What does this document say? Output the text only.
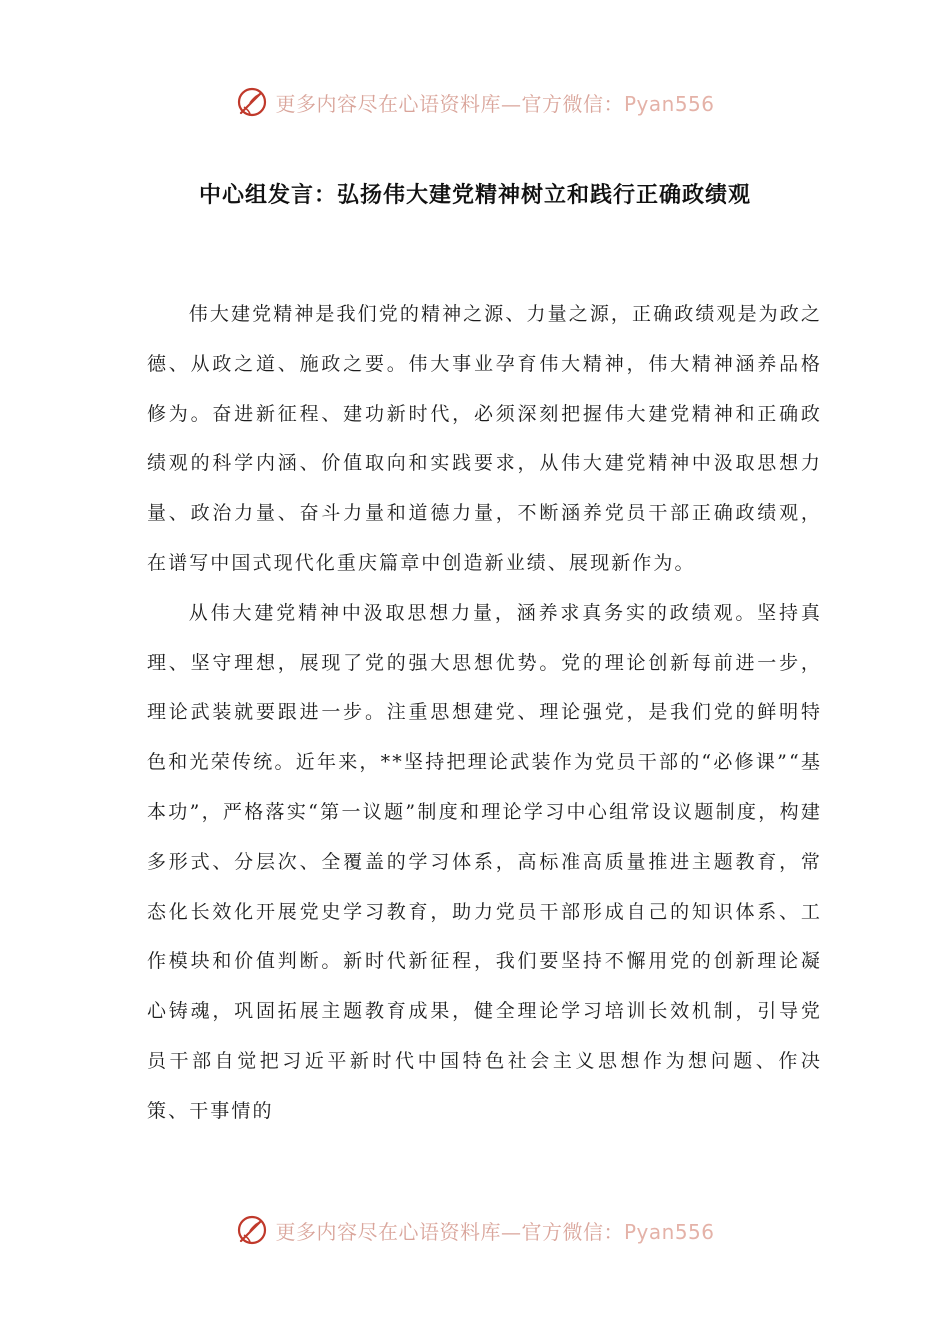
更多内容尽在心语资料库—官方微信：Pyan556
中心组发言：弘扬伟大建党精神树立和践行正确政绩观

伟大建党精神是我们党的精神之源、力量之源，正确政绩观是为政之德、从政之道、施政之要。伟大事业孕育伟大精神，伟大精神涵养品格修为。奋进新征程、建功新时代，必须深刻把握伟大建党精神和正确政绩观的科学内涵、价值取向和实践要求，从伟大建党精神中汲取思想力量、政治力量、奋斗力量和道德力量，不断涵养党员干部正确政绩观，在谱写中国式现代化重庆篇章中创造新业绩、展现新作为。

从伟大建党精神中汲取思想力量，涵养求真务实的政绩观。坚持真理、坚守理想，展现了党的强大思想优势。党的理论创新每前进一步，理论武装就要跟进一步。注重思想建党、理论强党，是我们党的鲜明特色和光荣传统。近年来，**坚持把理论武装作为党员干部的“必修课”“基本功”，严格落实“第一议题”制度和理论学习中心组常设议题制度，构建多形式、分层次、全覆盖的学习体系，高标准高质量推进主题教育，常态化长效化开展党史学习教育，助力党员干部形成自己的知识体系、工作模块和价值判断。新时代新征程，我们要坚持不懈用党的创新理论凝心铸魂，巩固拓展主题教育成果，健全理论学习培训长效机制，引导党员干部自觉把习近平新时代中国特色社会主义思想作为想问题、作决策、干事情的

更多内容尽在心语资料库—官方微信：Pyan556
